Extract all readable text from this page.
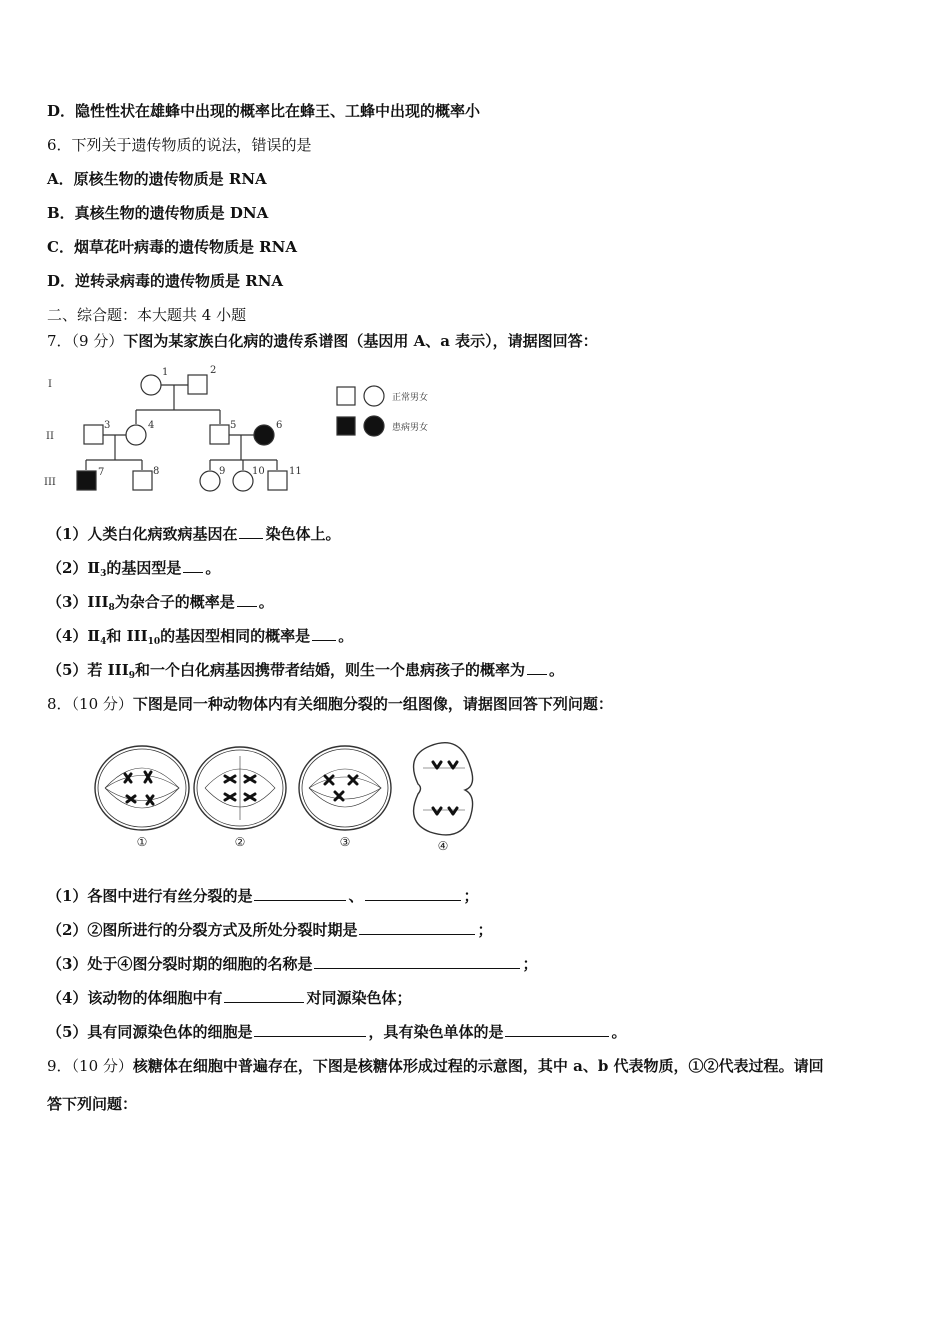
D．隐性性状在雄蜂中出现的概率比在蜂王、工蜂中出现的概率小
6．下列关于遗传物质的说法，错误的是
A．原核生物的遗传物质是 RNA
B．真核生物的遗传物质是 DNA
C．烟草花叶病毒的遗传物质是 RNA
D．逆转录病毒的遗传物质是 RNA
二、综合题：本大题共 4 小题
7．（9 分）下图为某家族白化病的遗传系谱图（基因用 A、a 表示），请据图回答：
I
II
III
1	2
3	4	5	6
7	8	9	10 11
正常男女
患病男女
（1）人类白化病致病基因在 染色体上。
$(2)Ⅱ_3$的基因型是 。
$(3)III_8$为杂合子的概率是 。
$(4)Ⅱ_4$和 $III_{10}$的基因型相同的概率是 。
（5）若 $III_9$和一个白化病基因携带者结婚，则生一个患病孩子的概率为 。
8．（10 分）下图是同一种动物体内有关细胞分裂的一组图像，请据图回答下列问题：
①	②	③	④
（1）各图中进行有丝分裂的是	、	；
（2）②图所进行的分裂方式及所处分裂时期是	；
（3）处于④图分裂时期的细胞的名称是	；
（4）该动物的体细胞中有	对同源染色体；
（5）具有同源染色体的细胞是	，具有染色单体的是	。
9．（10 分）核糖体在细胞中普遍存在，下图是核糖体形成过程的示意图，其中 a、b 代表物质，①②代表过程。请回
答下列问题：
